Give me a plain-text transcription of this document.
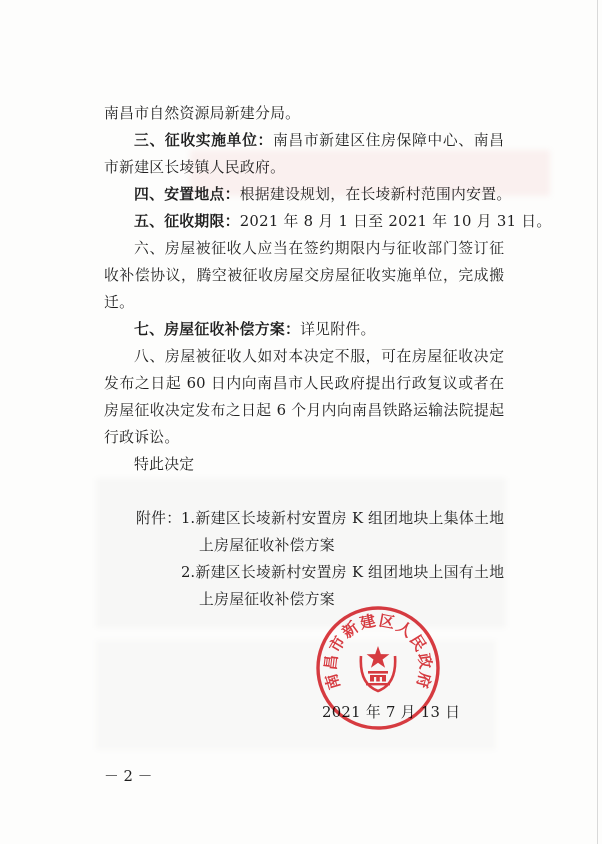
南昌市自然资源局新建分局。
三、征收实施单位：南昌市新建区住房保障中心、南昌
市新建区长堎镇人民政府。
四、安置地点：根据建设规划，在长堎新村范围内安置。
五、征收期限：2021 年 8 月 1 日至 2021 年 10 月 31 日。
六、房屋被征收人应当在签约期限内与征收部门签订征
收补偿协议，腾空被征收房屋交房屋征收实施单位，完成搬
迁。
七、房屋征收补偿方案：详见附件。
八、房屋被征收人如对本决定不服，可在房屋征收决定
发布之日起 60 日内向南昌市人民政府提出行政复议或者在
房屋征收决定发布之日起 6 个月内向南昌铁路运输法院提起
行政诉讼。
特此决定
附件： 1.新建区长堎新村安置房 K 组团地块上集体土地
上房屋征收补偿方案
2.新建区长堎新村安置房 K 组团地块上国有土地
上房屋征收补偿方案
2021 年 7 月 13 日
南昌市新建区人民政府
－ 2 －
